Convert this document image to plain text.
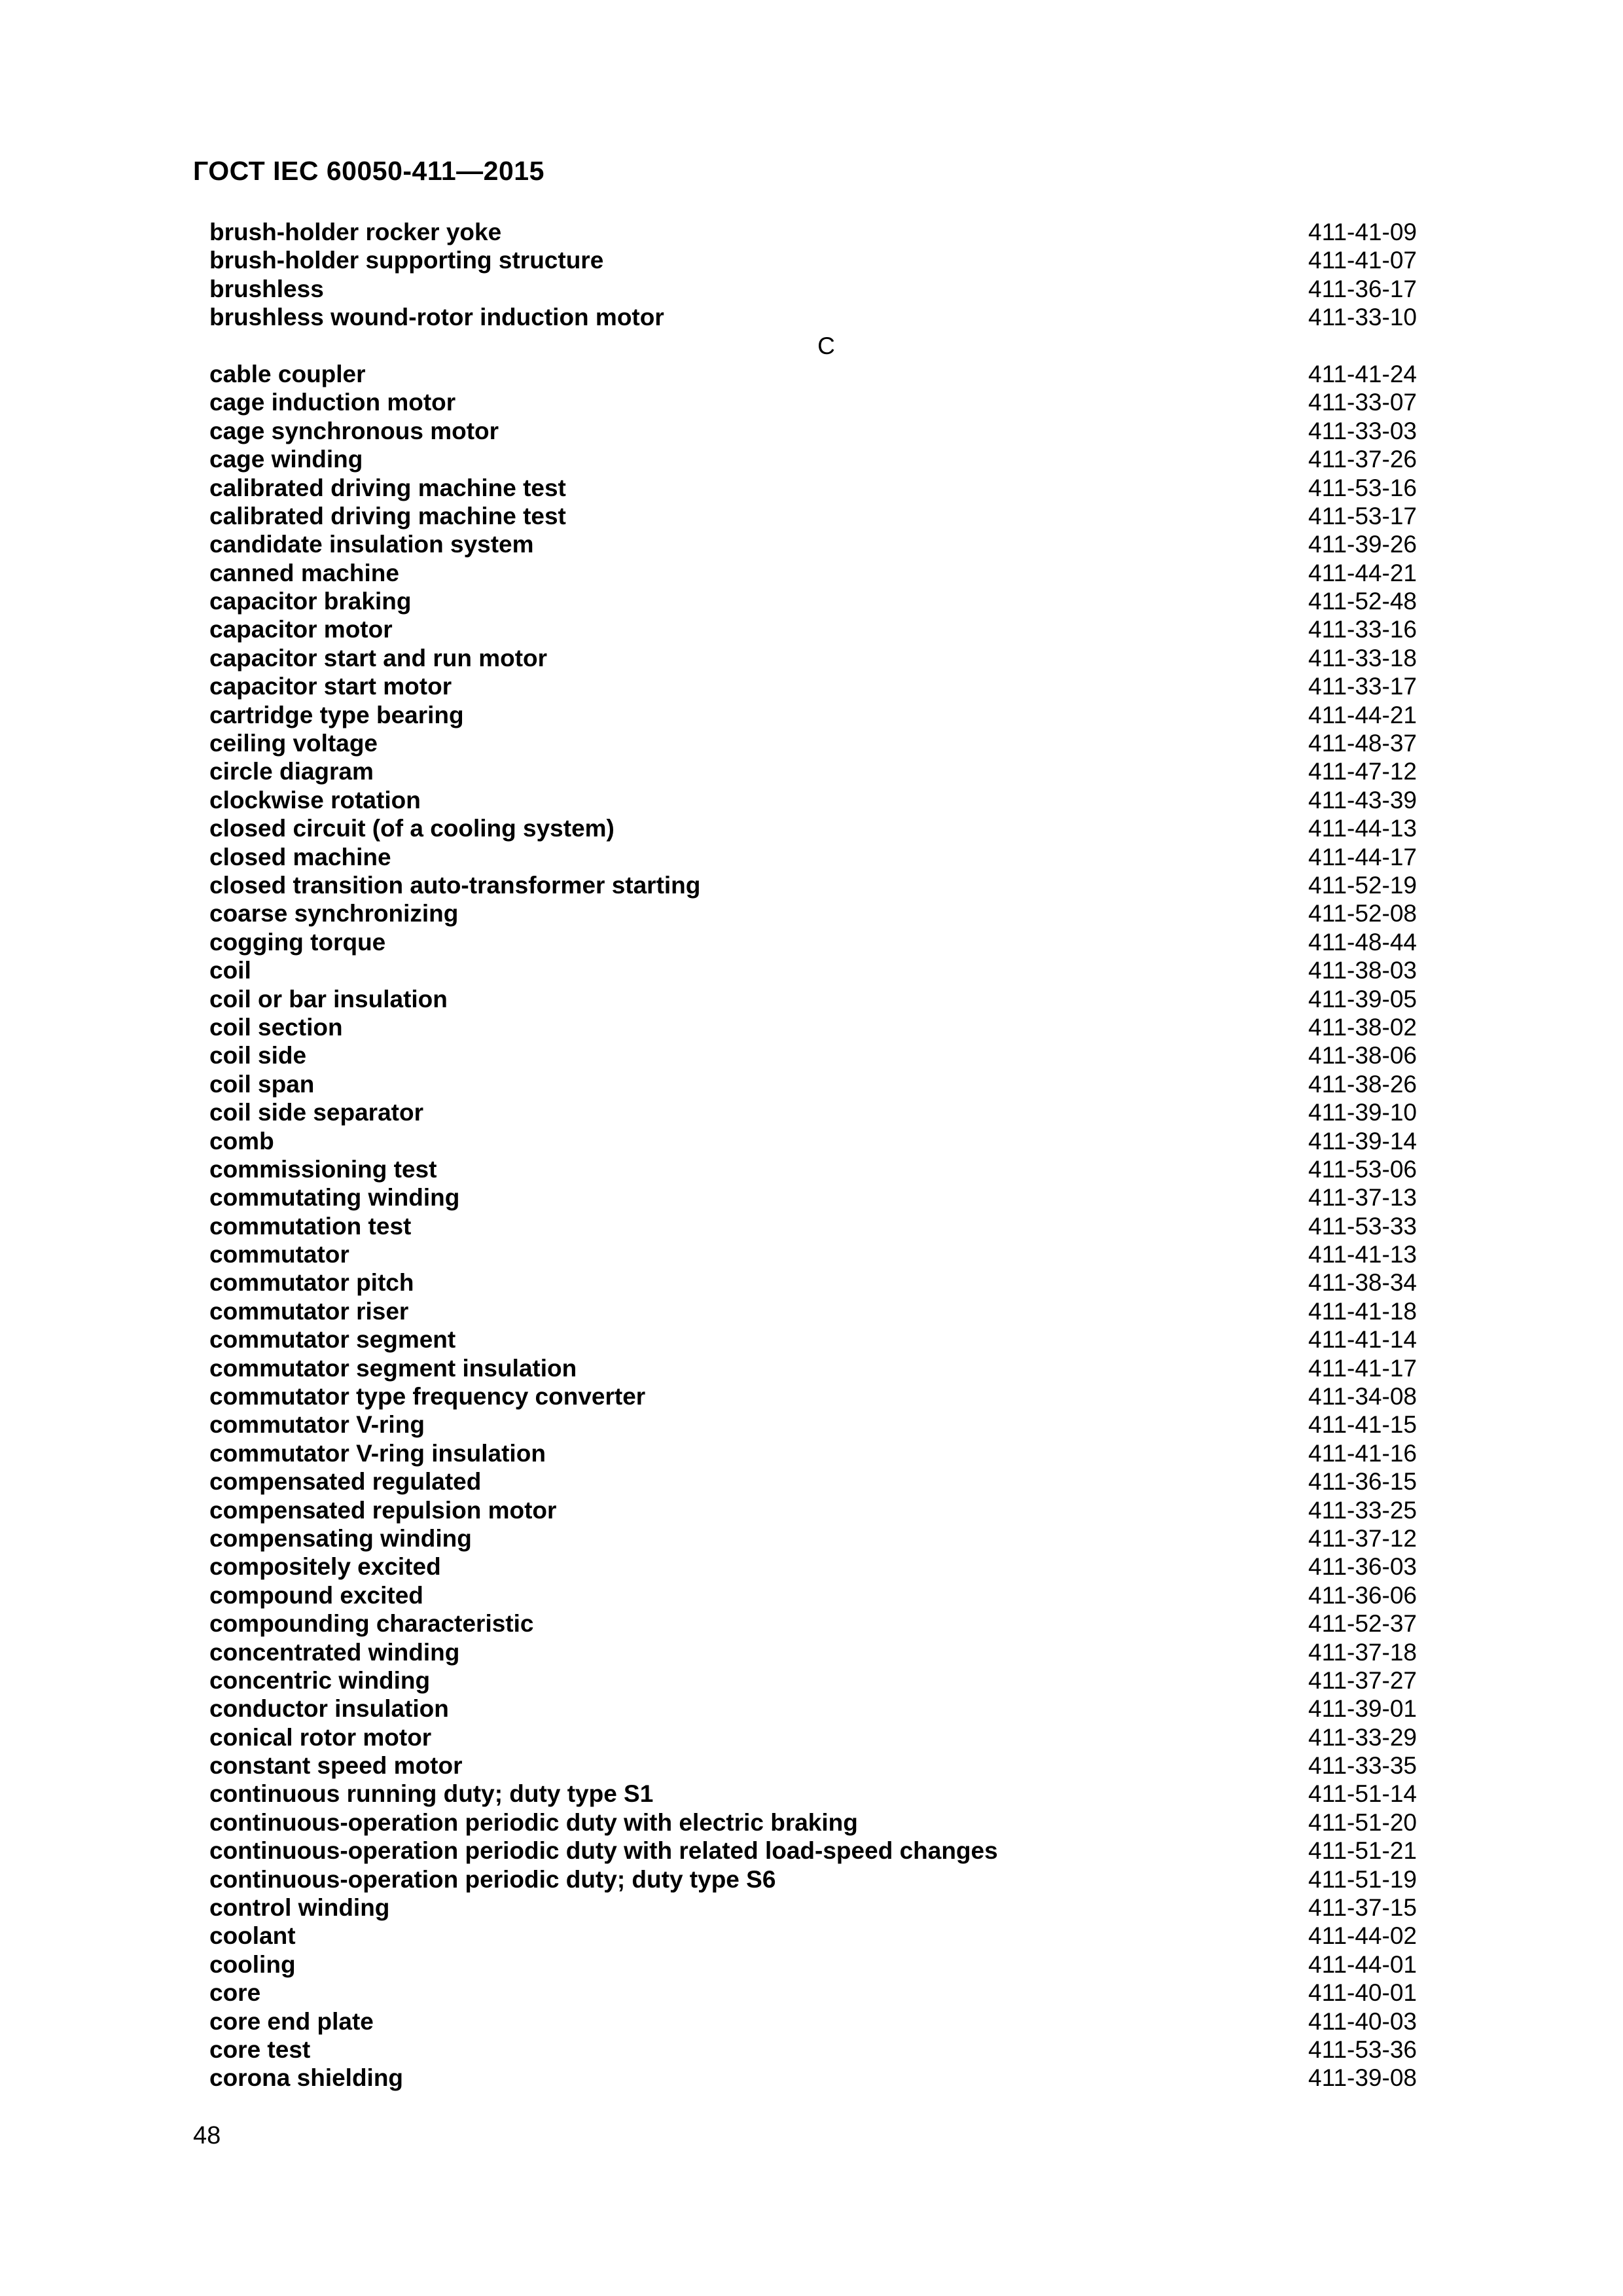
ГОСТ IEC 60050-411—2015
brush-holder rocker yoke	411-41-09
brush-holder supporting structure	411-41-07
brushless	411-36-17
brushless wound-rotor induction motor	411-33-10
C
cable coupler	411-41-24
cage induction motor	411-33-07
cage synchronous motor	411-33-03
cage winding	411-37-26
calibrated driving machine test	411-53-16
calibrated driving machine test	411-53-17
candidate insulation system	411-39-26
canned machine	411-44-21
capacitor braking	411-52-48
capacitor motor	411-33-16
capacitor start and run motor	411-33-18
capacitor start motor	411-33-17
cartridge type bearing	411-44-21
ceiling voltage	411-48-37
circle diagram	411-47-12
clockwise rotation	411-43-39
closed circuit (of a cooling system)	411-44-13
closed machine	411-44-17
closed transition auto-transformer starting	411-52-19
coarse synchronizing	411-52-08
cogging torque	411-48-44
coil	411-38-03
coil or bar insulation	411-39-05
coil section	411-38-02
coil side	411-38-06
coil span	411-38-26
coil side separator	411-39-10
comb	411-39-14
commissioning test	411-53-06
commutating winding	411-37-13
commutation test	411-53-33
commutator	411-41-13
commutator pitch	411-38-34
commutator riser	411-41-18
commutator segment	411-41-14
commutator segment insulation	411-41-17
commutator type frequency converter	411-34-08
commutator V-ring	411-41-15
commutator V-ring insulation	411-41-16
compensated regulated	411-36-15
compensated repulsion motor	411-33-25
compensating winding	411-37-12
compositely excited	411-36-03
compound excited	411-36-06
compounding characteristic	411-52-37
concentrated winding	411-37-18
concentric winding	411-37-27
conductor insulation	411-39-01
conical rotor motor	411-33-29
constant speed motor	411-33-35
continuous running duty; duty type S1	411-51-14
continuous-operation periodic duty with electric braking	411-51-20
continuous-operation periodic duty with related load-speed changes	411-51-21
continuous-operation periodic duty; duty type S6	411-51-19
control winding	411-37-15
coolant	411-44-02
cooling	411-44-01
core	411-40-01
core end plate	411-40-03
core test	411-53-36
corona shielding	411-39-08
48
